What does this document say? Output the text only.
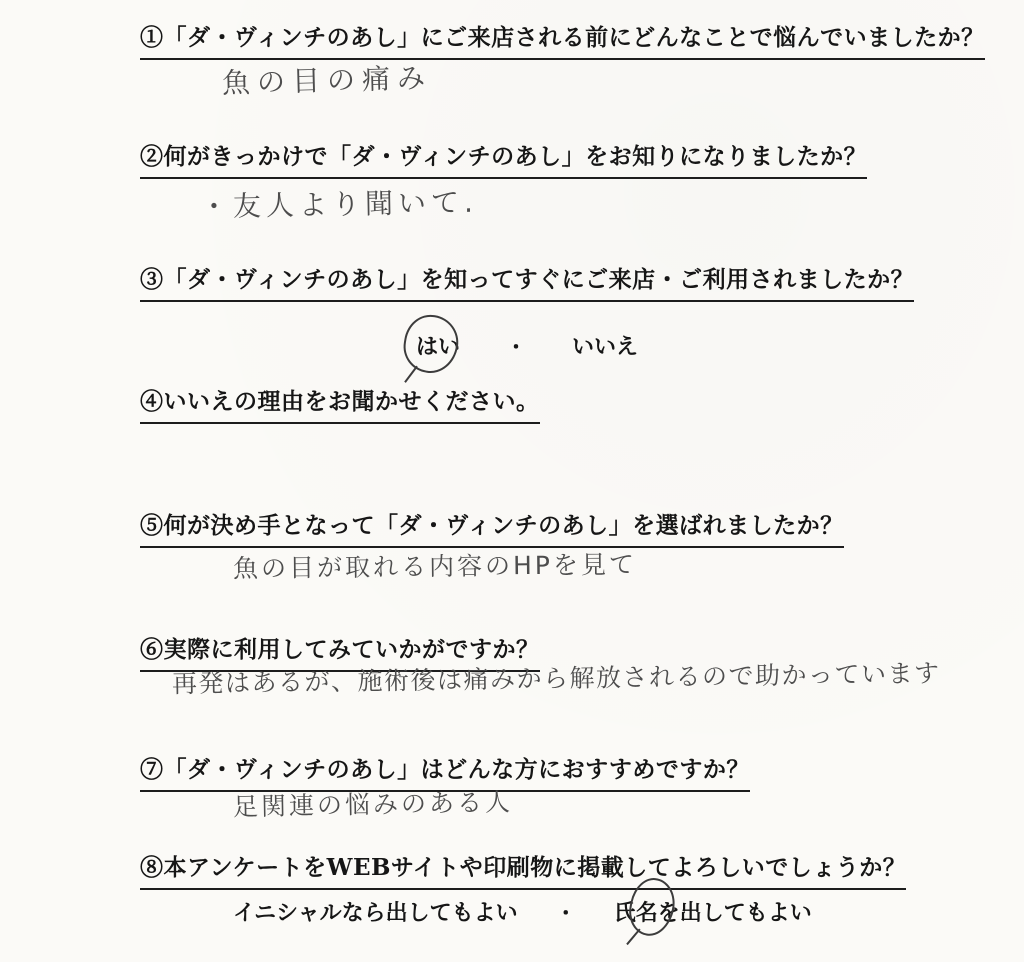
①「ダ・ヴィンチのあし」にご来店される前にどんなことで悩んでいましたか？
魚の目の痛み
②何がきっかけで「ダ・ヴィンチのあし」をお知りになりましたか？
・友人より聞いて.
③「ダ・ヴィンチのあし」を知ってすぐにご来店・ご利用されましたか？
はい ・ いいえ
④いいえの理由をお聞かせください。
⑤何が決め手となって「ダ・ヴィンチのあし」を選ばれましたか？
魚の目が取れる内容のHPを見て
⑥実際に利用してみていかがですか？
再発はあるが、施術後は痛みから解放されるので助かっています
⑦「ダ・ヴィンチのあし」はどんな方におすすめですか？
足関連の悩みのある人
⑧本アンケートをWEBサイトや印刷物に掲載してよろしいでしょうか？
イニシャルなら出してもよい ・ 氏名を出してもよい
